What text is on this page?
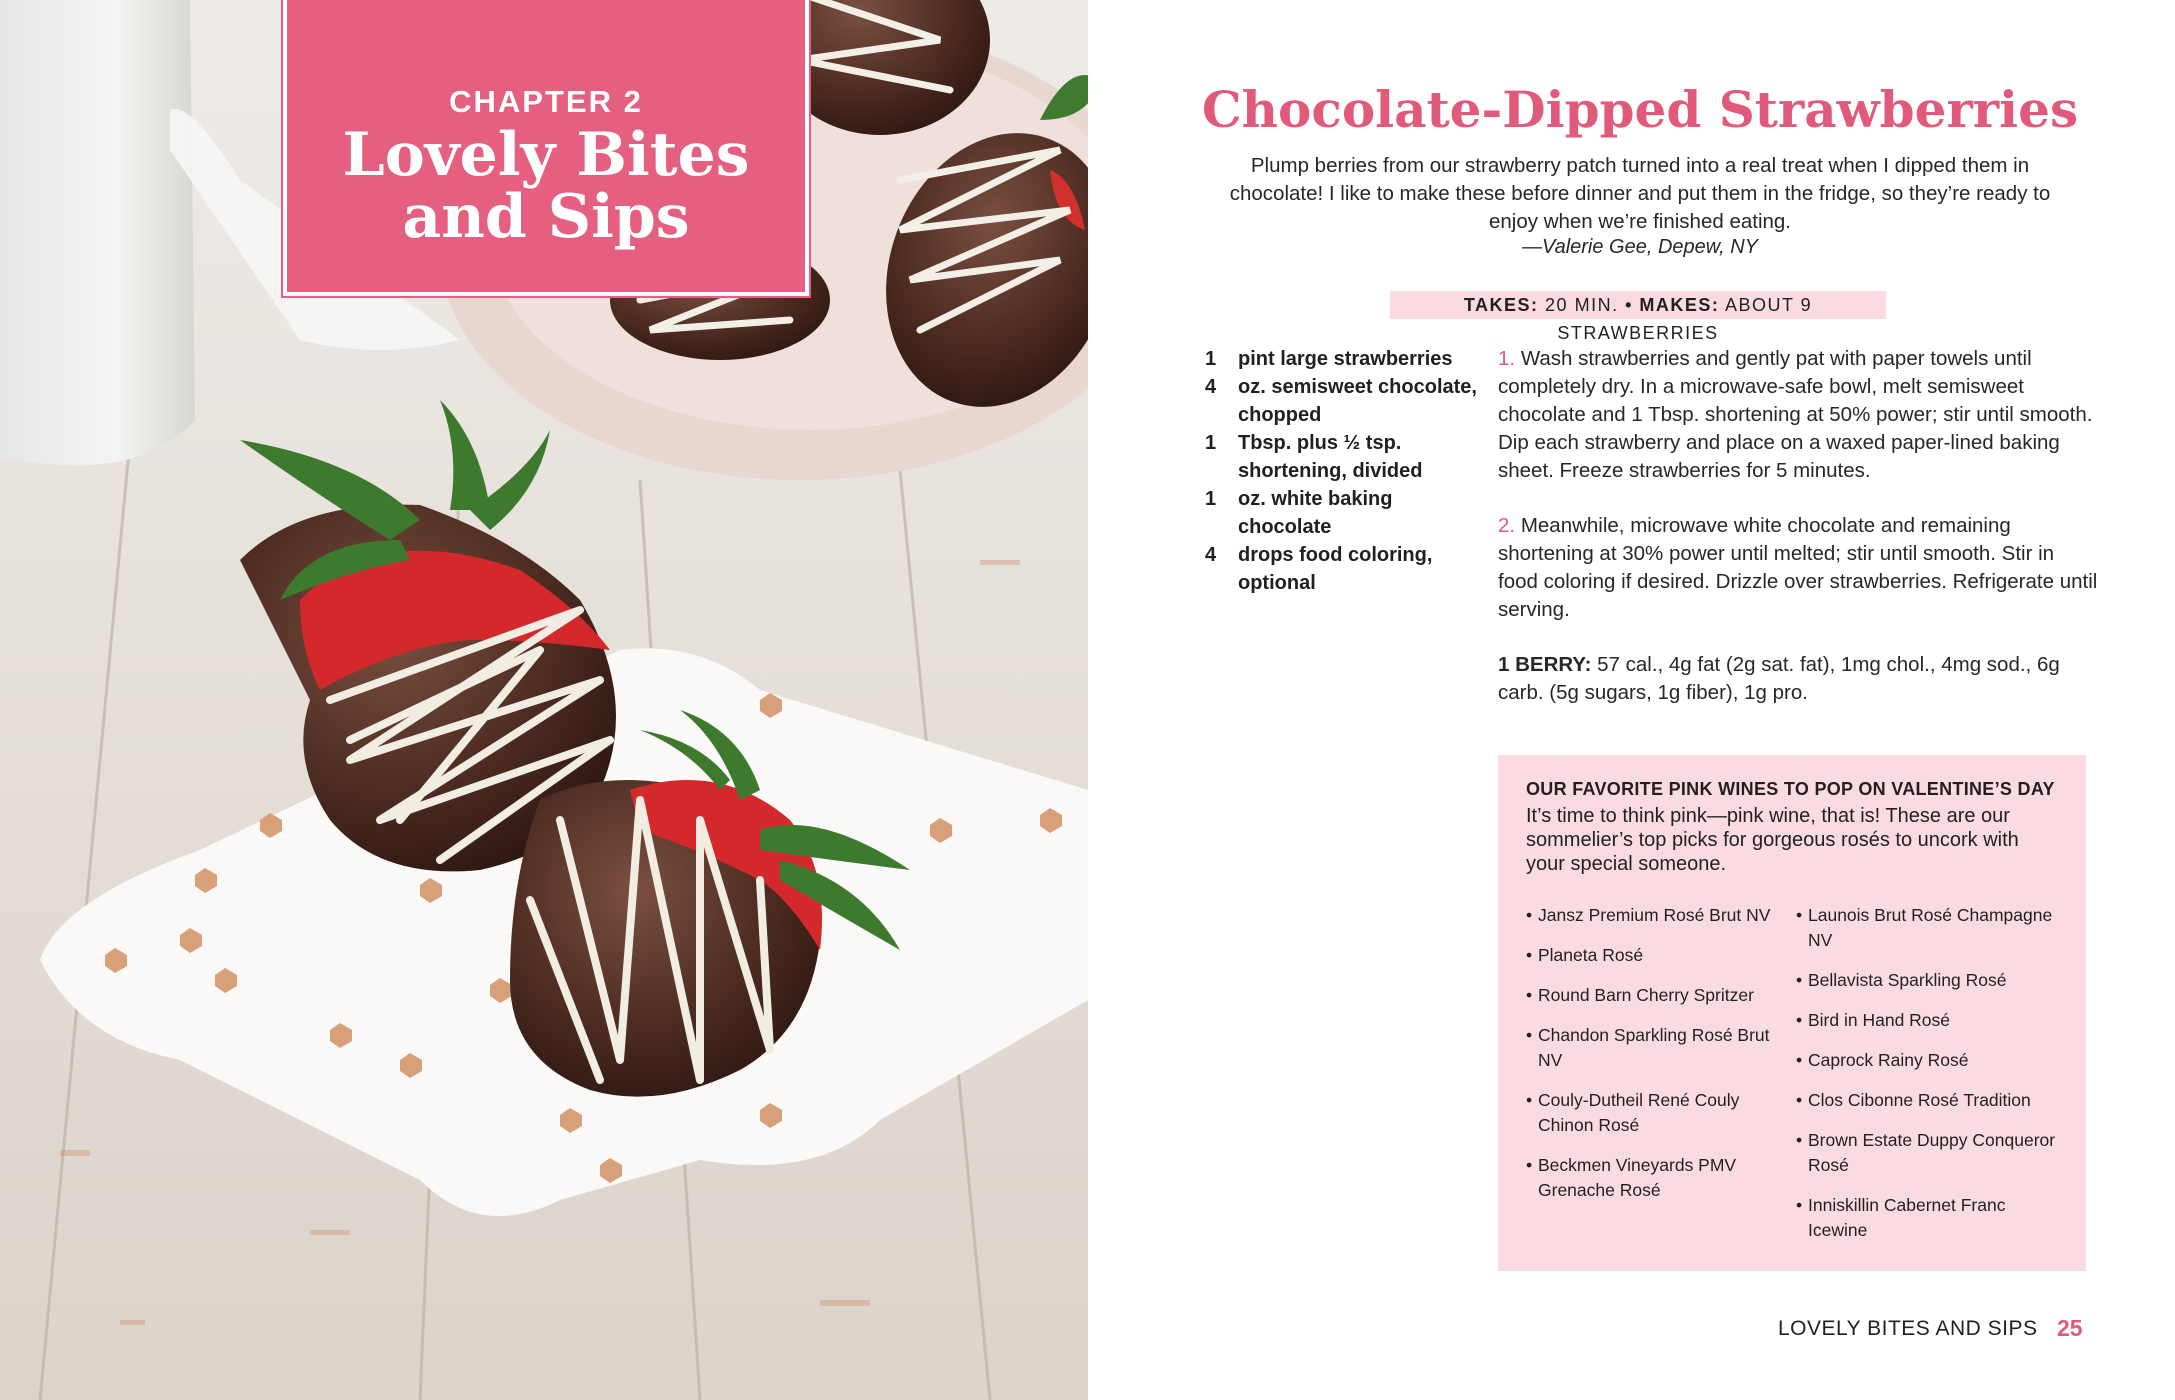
CHAPTER 2
Lovely Bites
and Sips
Chocolate-Dipped Strawberries
Plump berries from our strawberry patch turned into a real treat when I dipped them in chocolate! I like to make these before dinner and put them in the fridge, so they’re ready to enjoy when we’re finished eating.
—Valerie Gee, Depew, NY
TAKES: 20 MIN. • MAKES: ABOUT 9 STRAWBERRIES
1	pint large strawberries
4	oz. semisweet chocolate, chopped
1	Tbsp. plus ½ tsp. shortening, divided
1	oz. white baking chocolate
4	drops food coloring, optional
1. Wash strawberries and gently pat with paper towels until completely dry. In a microwave-safe bowl, melt semisweet chocolate and 1 Tbsp. shortening at 50% power; stir until smooth. Dip each strawberry and place on a waxed paper-lined baking sheet. Freeze strawberries for 5 minutes.
2. Meanwhile, microwave white chocolate and remaining shortening at 30% power until melted; stir until smooth. Stir in food coloring if desired. Drizzle over strawberries. Refrigerate until serving.
1 BERRY: 57 cal., 4g fat (2g sat. fat), 1mg chol., 4mg sod., 6g carb. (5g sugars, 1g fiber), 1g pro.
OUR FAVORITE PINK WINES TO POP ON VALENTINE’S DAY
It’s time to think pink—pink wine, that is! These are our sommelier’s top picks for gorgeous rosés to uncork with your special someone.
• Jansz Premium Rosé Brut NV
• Planeta Rosé
• Round Barn Cherry Spritzer
• Chandon Sparkling Rosé Brut NV
• Couly-Dutheil René Couly Chinon Rosé
• Beckmen Vineyards PMV Grenache Rosé
• Launois Brut Rosé Champagne NV
• Bellavista Sparkling Rosé
• Bird in Hand Rosé
• Caprock Rainy Rosé
• Clos Cibonne Rosé Tradition
• Brown Estate Duppy Conqueror Rosé
• Inniskillin Cabernet Franc Icewine
LOVELY BITES AND SIPS 25
